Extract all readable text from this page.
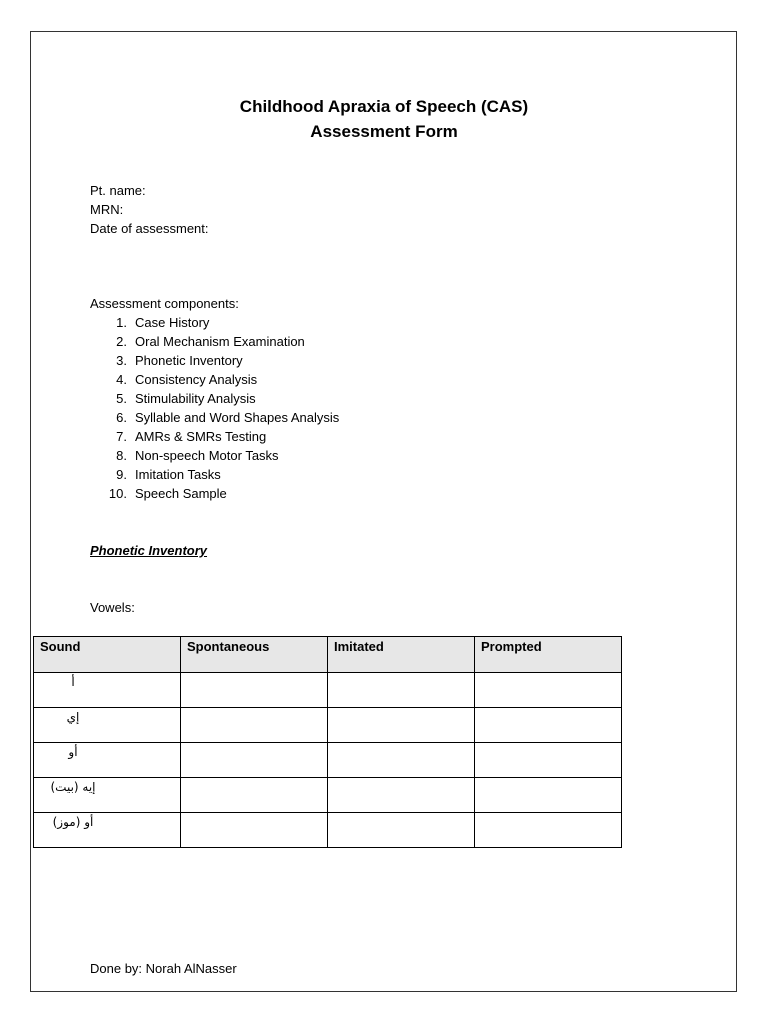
Childhood Apraxia of Speech (CAS)
Assessment Form
Pt. name:
MRN:
Date of assessment:
Assessment components:
1. Case History
2. Oral Mechanism Examination
3. Phonetic Inventory
4. Consistency Analysis
5. Stimulability Analysis
6. Syllable and Word Shapes Analysis
7. AMRs & SMRs Testing
8. Non-speech Motor Tasks
9. Imitation Tasks
10. Speech Sample
Phonetic Inventory
Vowels:
Sound	Spontaneous	Imitated	Prompted
أ			
إي			
أو			
إيه (بيت)			
أو (موز)			
Done by: Norah AlNasser
